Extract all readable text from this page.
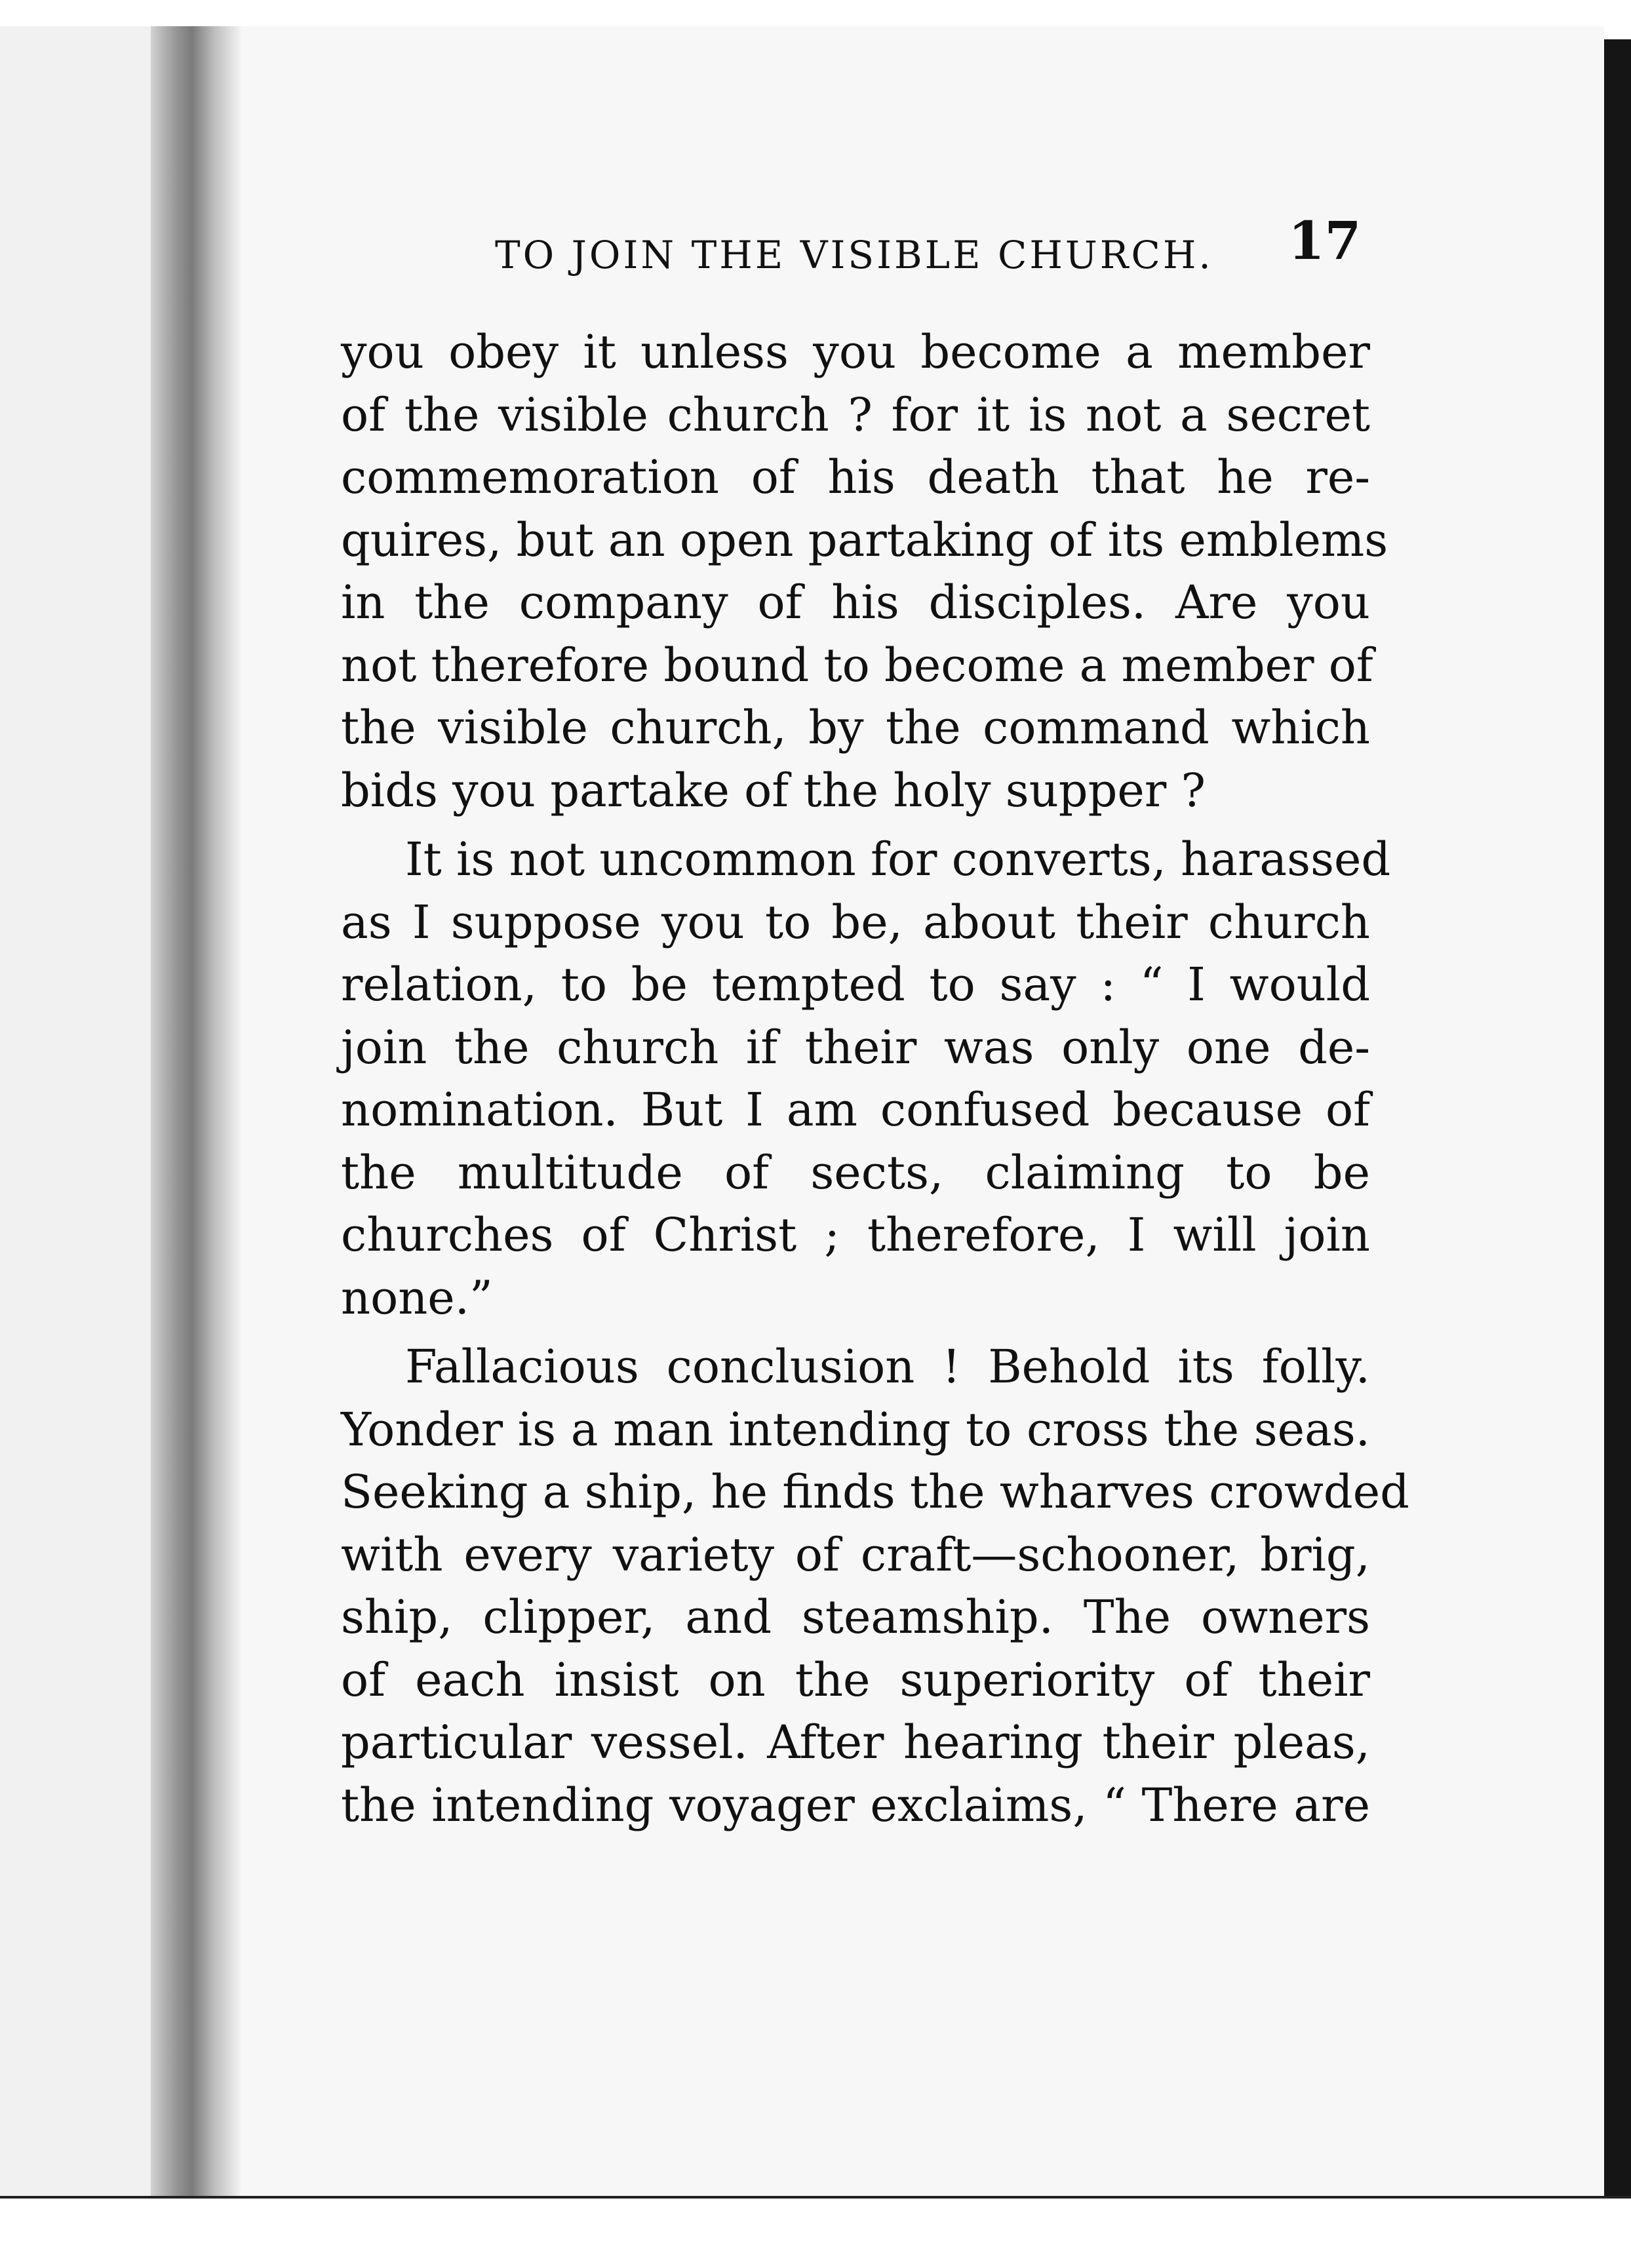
TO JOIN THE VISIBLE CHURCH.	17
you obey it unless you become a member
of the visible church ? for it is not a secret
commemoration of his death that he re-
quires, but an open partaking of its emblems
in the company of his disciples. Are you
not therefore bound to become a member of
the visible church, by the command which
bids you partake of the holy supper ?
It is not uncommon for converts, harassed
as I suppose you to be, about their church
relation, to be tempted to say : “ I would
join the church if their was only one de-
nomination. But I am confused because of
the multitude of sects, claiming to be
churches of Christ ; therefore, I will join
none.”
Fallacious conclusion ! Behold its folly.
Yonder is a man intending to cross the seas.
Seeking a ship, he finds the wharves crowded
with every variety of craft—schooner, brig,
ship, clipper, and steamship. The owners
of each insist on the superiority of their
particular vessel. After hearing their pleas,
the intending voyager exclaims, “ There are
